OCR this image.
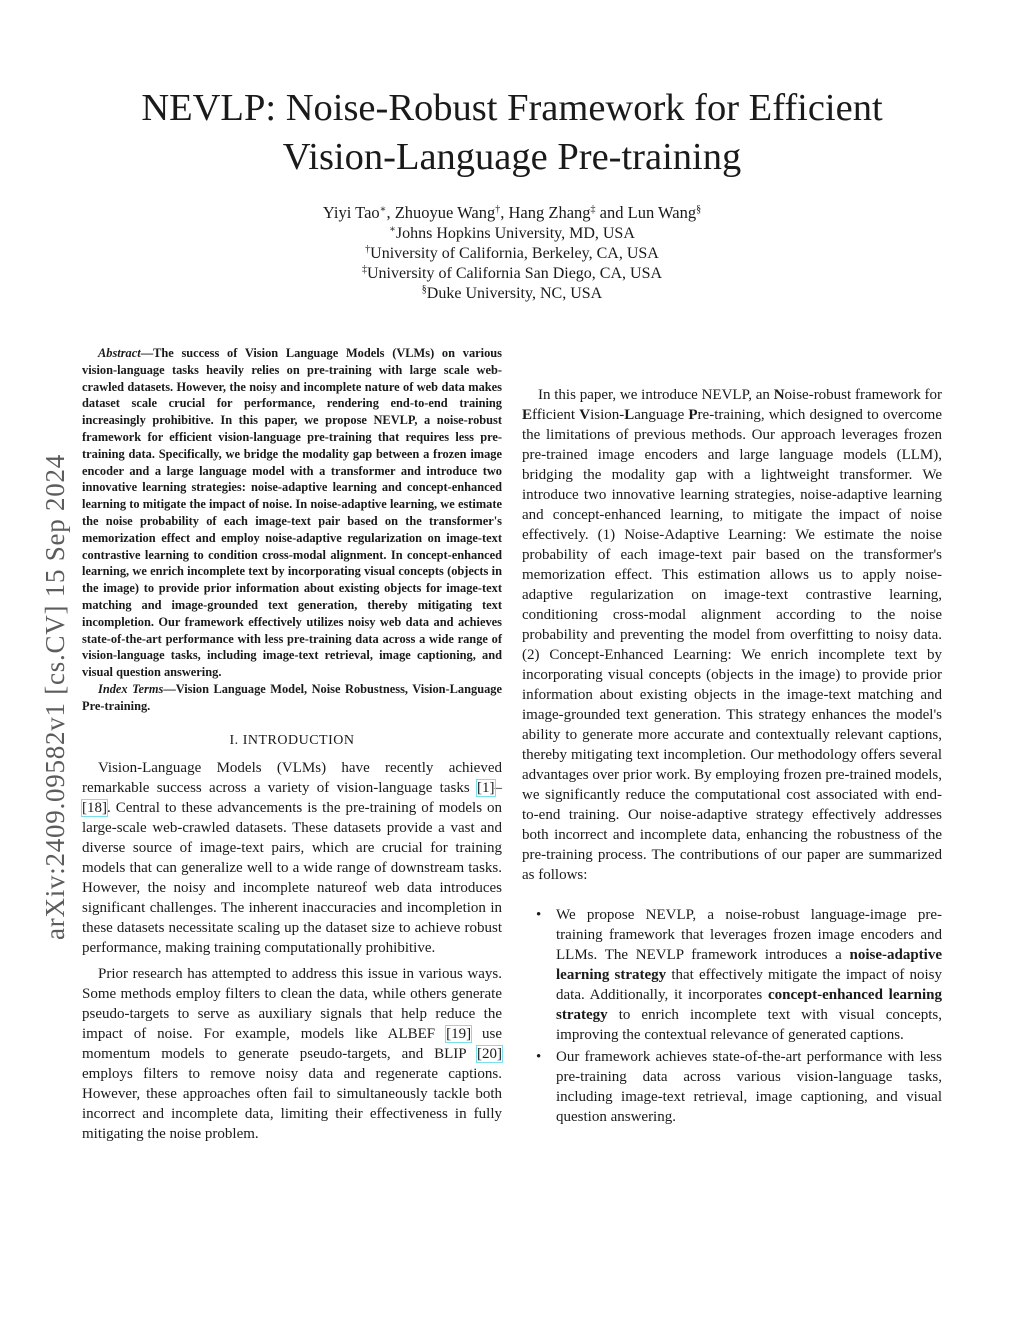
NEVLP: Noise-Robust Framework for Efficient
Vision-Language Pre-training
Yiyi Tao∗, Zhuoyue Wang†, Hang Zhang‡ and Lun Wang§
∗Johns Hopkins University, MD, USA
†University of California, Berkeley, CA, USA
‡University of California San Diego, CA, USA
§Duke University, NC, USA
arXiv:2409.09582v1 [cs.CV] 15 Sep 2024

Abstract—The success of Vision Language Models (VLMs) on various vision-language tasks heavily relies on pre-training with large scale web-crawled datasets. However, the noisy and incomplete nature of web data makes dataset scale crucial for performance, rendering end-to-end training increasingly prohibitive. In this paper, we propose NEVLP, a noise-robust framework for efficient vision-language pre-training that requires less pre-training data. Specifically, we bridge the modality gap between a frozen image encoder and a large language model with a transformer and introduce two innovative learning strategies: noise-adaptive learning and concept-enhanced learning to mitigate the impact of noise. In noise-adaptive learning, we estimate the noise probability of each image-text pair based on the transformer's memorization effect and employ noise-adaptive regularization on image-text contrastive learning to condition cross-modal alignment. In concept-enhanced learning, we enrich incomplete text by incorporating visual concepts (objects in the image) to provide prior information about existing objects for image-text matching and image-grounded text generation, thereby mitigating text incompletion. Our framework effectively utilizes noisy web data and achieves state-of-the-art performance with less pre-training data across a wide range of vision-language tasks, including image-text retrieval, image captioning, and visual question answering.

Index Terms—Vision Language Model, Noise Robustness, Vision-Language Pre-training.

I. INTRODUCTION

Vision-Language Models (VLMs) have recently achieved remarkable success across a variety of vision-language tasks [1]–[18]. Central to these advancements is the pre-training of models on large-scale web-crawled datasets. These datasets provide a vast and diverse source of image-text pairs, which are crucial for training models that can generalize well to a wide range of downstream tasks. However, the noisy and incomplete natureof web data introduces significant challenges. The inherent inaccuracies and incompletion in these datasets necessitate scaling up the dataset size to achieve robust performance, making training computationally prohibitive.

Prior research has attempted to address this issue in various ways. Some methods employ filters to clean the data, while others generate pseudo-targets to serve as auxiliary signals that help reduce the impact of noise. For example, models like ALBEF [19] use momentum models to generate pseudo-targets, and BLIP [20] employs filters to remove noisy data and regenerate captions. However, these approaches often fail to simultaneously tackle both incorrect and incomplete data, limiting their effectiveness in fully mitigating the noise problem.

In this paper, we introduce NEVLP, an Noise-robust framework for Efficient Vision-Language Pre-training, which designed to overcome the limitations of previous methods. Our approach leverages frozen pre-trained image encoders and large language models (LLM), bridging the modality gap with a lightweight transformer. We introduce two innovative learning strategies, noise-adaptive learning and concept-enhanced learning, to mitigate the impact of noise effectively. (1) Noise-Adaptive Learning: We estimate the noise probability of each image-text pair based on the transformer's memorization effect. This estimation allows us to apply noise-adaptive regularization on image-text contrastive learning, conditioning cross-modal alignment according to the noise probability and preventing the model from overfitting to noisy data. (2) Concept-Enhanced Learning: We enrich incomplete text by incorporating visual concepts (objects in the image) to provide prior information about existing objects in the image-text matching and image-grounded text generation. This strategy enhances the model's ability to generate more accurate and contextually relevant captions, thereby mitigating text incompletion. Our methodology offers several advantages over prior work. By employing frozen pre-trained models, we significantly reduce the computational cost associated with end-to-end training. Our noise-adaptive strategy effectively addresses both incorrect and incomplete data, enhancing the robustness of the pre-training process. The contributions of our paper are summarized as follows:

• We propose NEVLP, a noise-robust language-image pre-training framework that leverages frozen image encoders and LLMs. The NEVLP framework introduces a noise-adaptive learning strategy that effectively mitigate the impact of noisy data. Additionally, it incorporates concept-enhanced learning strategy to enrich incomplete text with visual concepts, improving the contextual relevance of generated captions.
• Our framework achieves state-of-the-art performance with less pre-training data across various vision-language tasks, including image-text retrieval, image captioning, and visual question answering.
